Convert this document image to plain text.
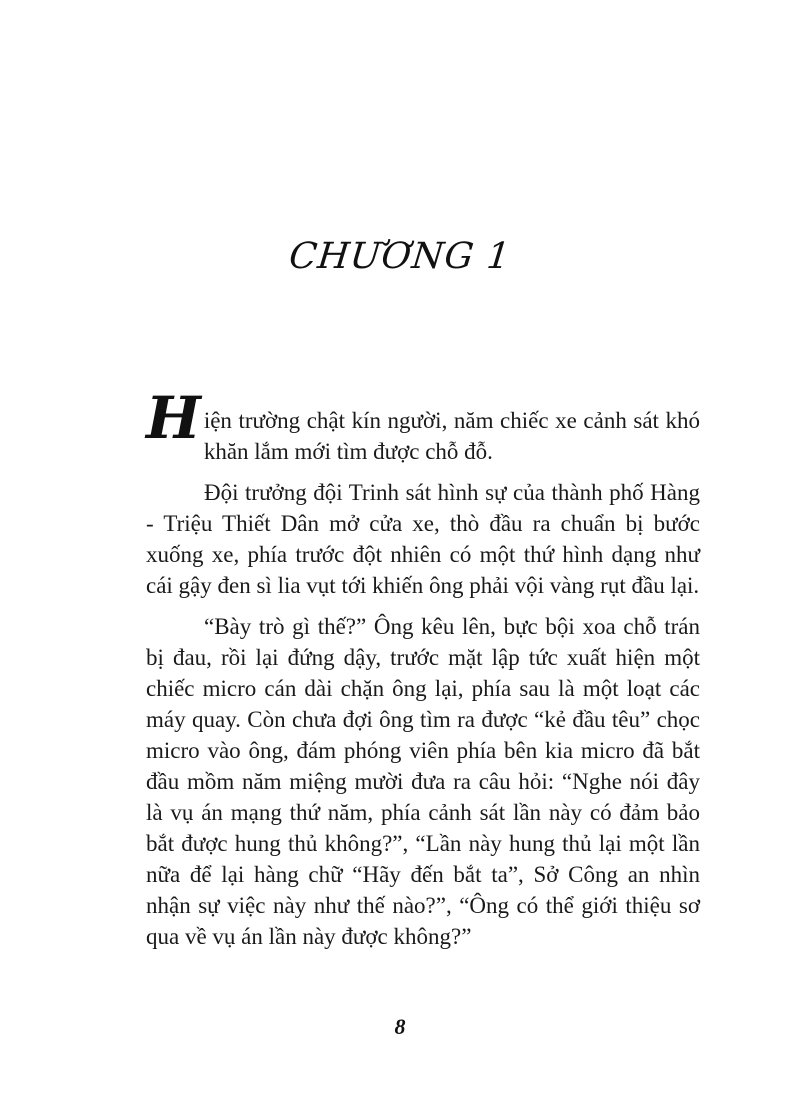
CHƯƠNG 1

Hiện trường chật kín người, năm chiếc xe cảnh sát khó khăn lắm mới tìm được chỗ đỗ.

Đội trưởng đội Trinh sát hình sự của thành phố Hàng - Triệu Thiết Dân mở cửa xe, thò đầu ra chuẩn bị bước xuống xe, phía trước đột nhiên có một thứ hình dạng như cái gậy đen sì lia vụt tới khiến ông phải vội vàng rụt đầu lại.

“Bày trò gì thế?” Ông kêu lên, bực bội xoa chỗ trán bị đau, rồi lại đứng dậy, trước mặt lập tức xuất hiện một chiếc micro cán dài chặn ông lại, phía sau là một loạt các máy quay. Còn chưa đợi ông tìm ra được “kẻ đầu têu” chọc micro vào ông, đám phóng viên phía bên kia micro đã bắt đầu mồm năm miệng mười đưa ra câu hỏi: “Nghe nói đây là vụ án mạng thứ năm, phía cảnh sát lần này có đảm bảo bắt được hung thủ không?”, “Lần này hung thủ lại một lần nữa để lại hàng chữ “Hãy đến bắt ta”, Sở Công an nhìn nhận sự việc này như thế nào?”, “Ông có thể giới thiệu sơ qua về vụ án lần này được không?”

8
